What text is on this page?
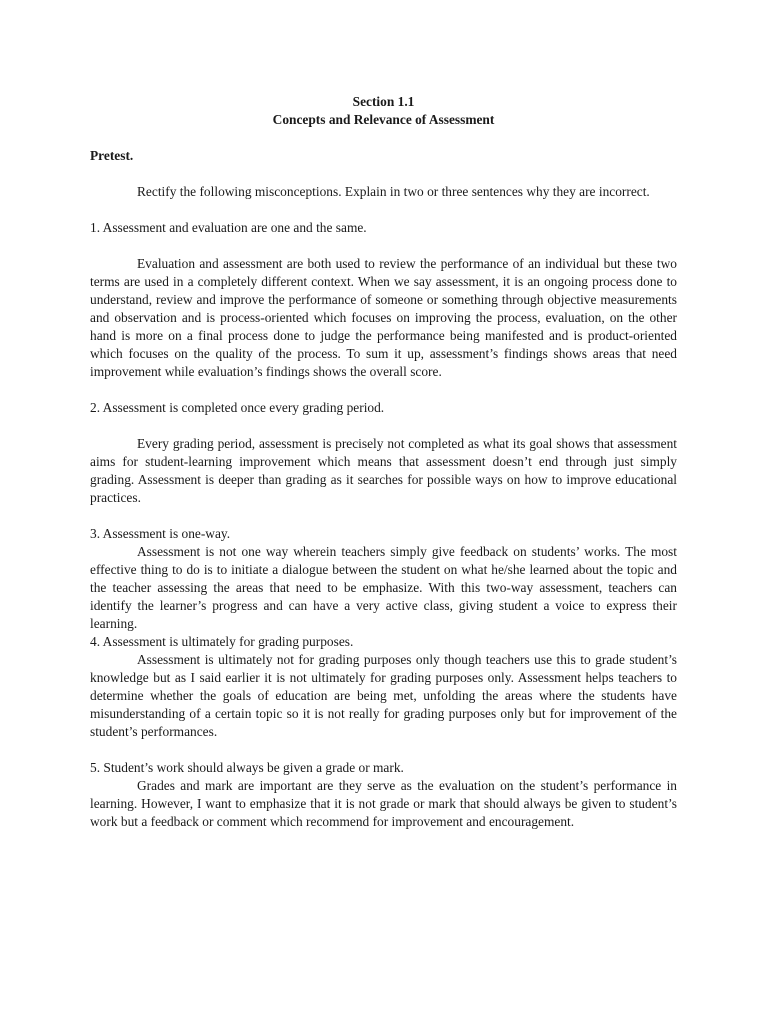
Section 1.1

Concepts and Relevance of Assessment

Pretest.

Rectify the following misconceptions. Explain in two or three sentences why they are incorrect.

1. Assessment and evaluation are one and the same.

Evaluation and assessment are both used to review the performance of an individual but these two terms are used in a completely different context. When we say assessment, it is an ongoing process done to understand, review and improve the performance of someone or something through objective measurements and observation and is process-oriented which focuses on improving the process, evaluation, on the other hand is more on a final process done to judge the performance being manifested and is product-oriented which focuses on the quality of the process. To sum it up, assessment’s findings shows areas that need improvement while evaluation’s findings shows the overall score.

2. Assessment is completed once every grading period.

Every grading period, assessment is precisely not completed as what its goal shows that assessment aims for student-learning improvement which means that assessment doesn’t end through just simply grading. Assessment is deeper than grading as it searches for possible ways on how to improve educational practices.

3. Assessment is one-way.

Assessment is not one way wherein teachers simply give feedback on students’ works. The most effective thing to do is to initiate a dialogue between the student on what he/she learned about the topic and the teacher assessing the areas that need to be emphasize. With this two-way assessment, teachers can identify the learner’s progress and can have a very active class, giving student a voice to express their learning.

4. Assessment is ultimately for grading purposes.

Assessment is ultimately not for grading purposes only though teachers use this to grade student’s knowledge but as I said earlier it is not ultimately for grading purposes only. Assessment helps teachers to determine whether the goals of education are being met, unfolding the areas where the students have misunderstanding of a certain topic so it is not really for grading purposes only but for improvement of the student’s performances.

5. Student’s work should always be given a grade or mark.

Grades and mark are important are they serve as the evaluation on the student’s performance in learning. However, I want to emphasize that it is not grade or mark that should always be given to student’s work but a feedback or comment which recommend for improvement and encouragement.
